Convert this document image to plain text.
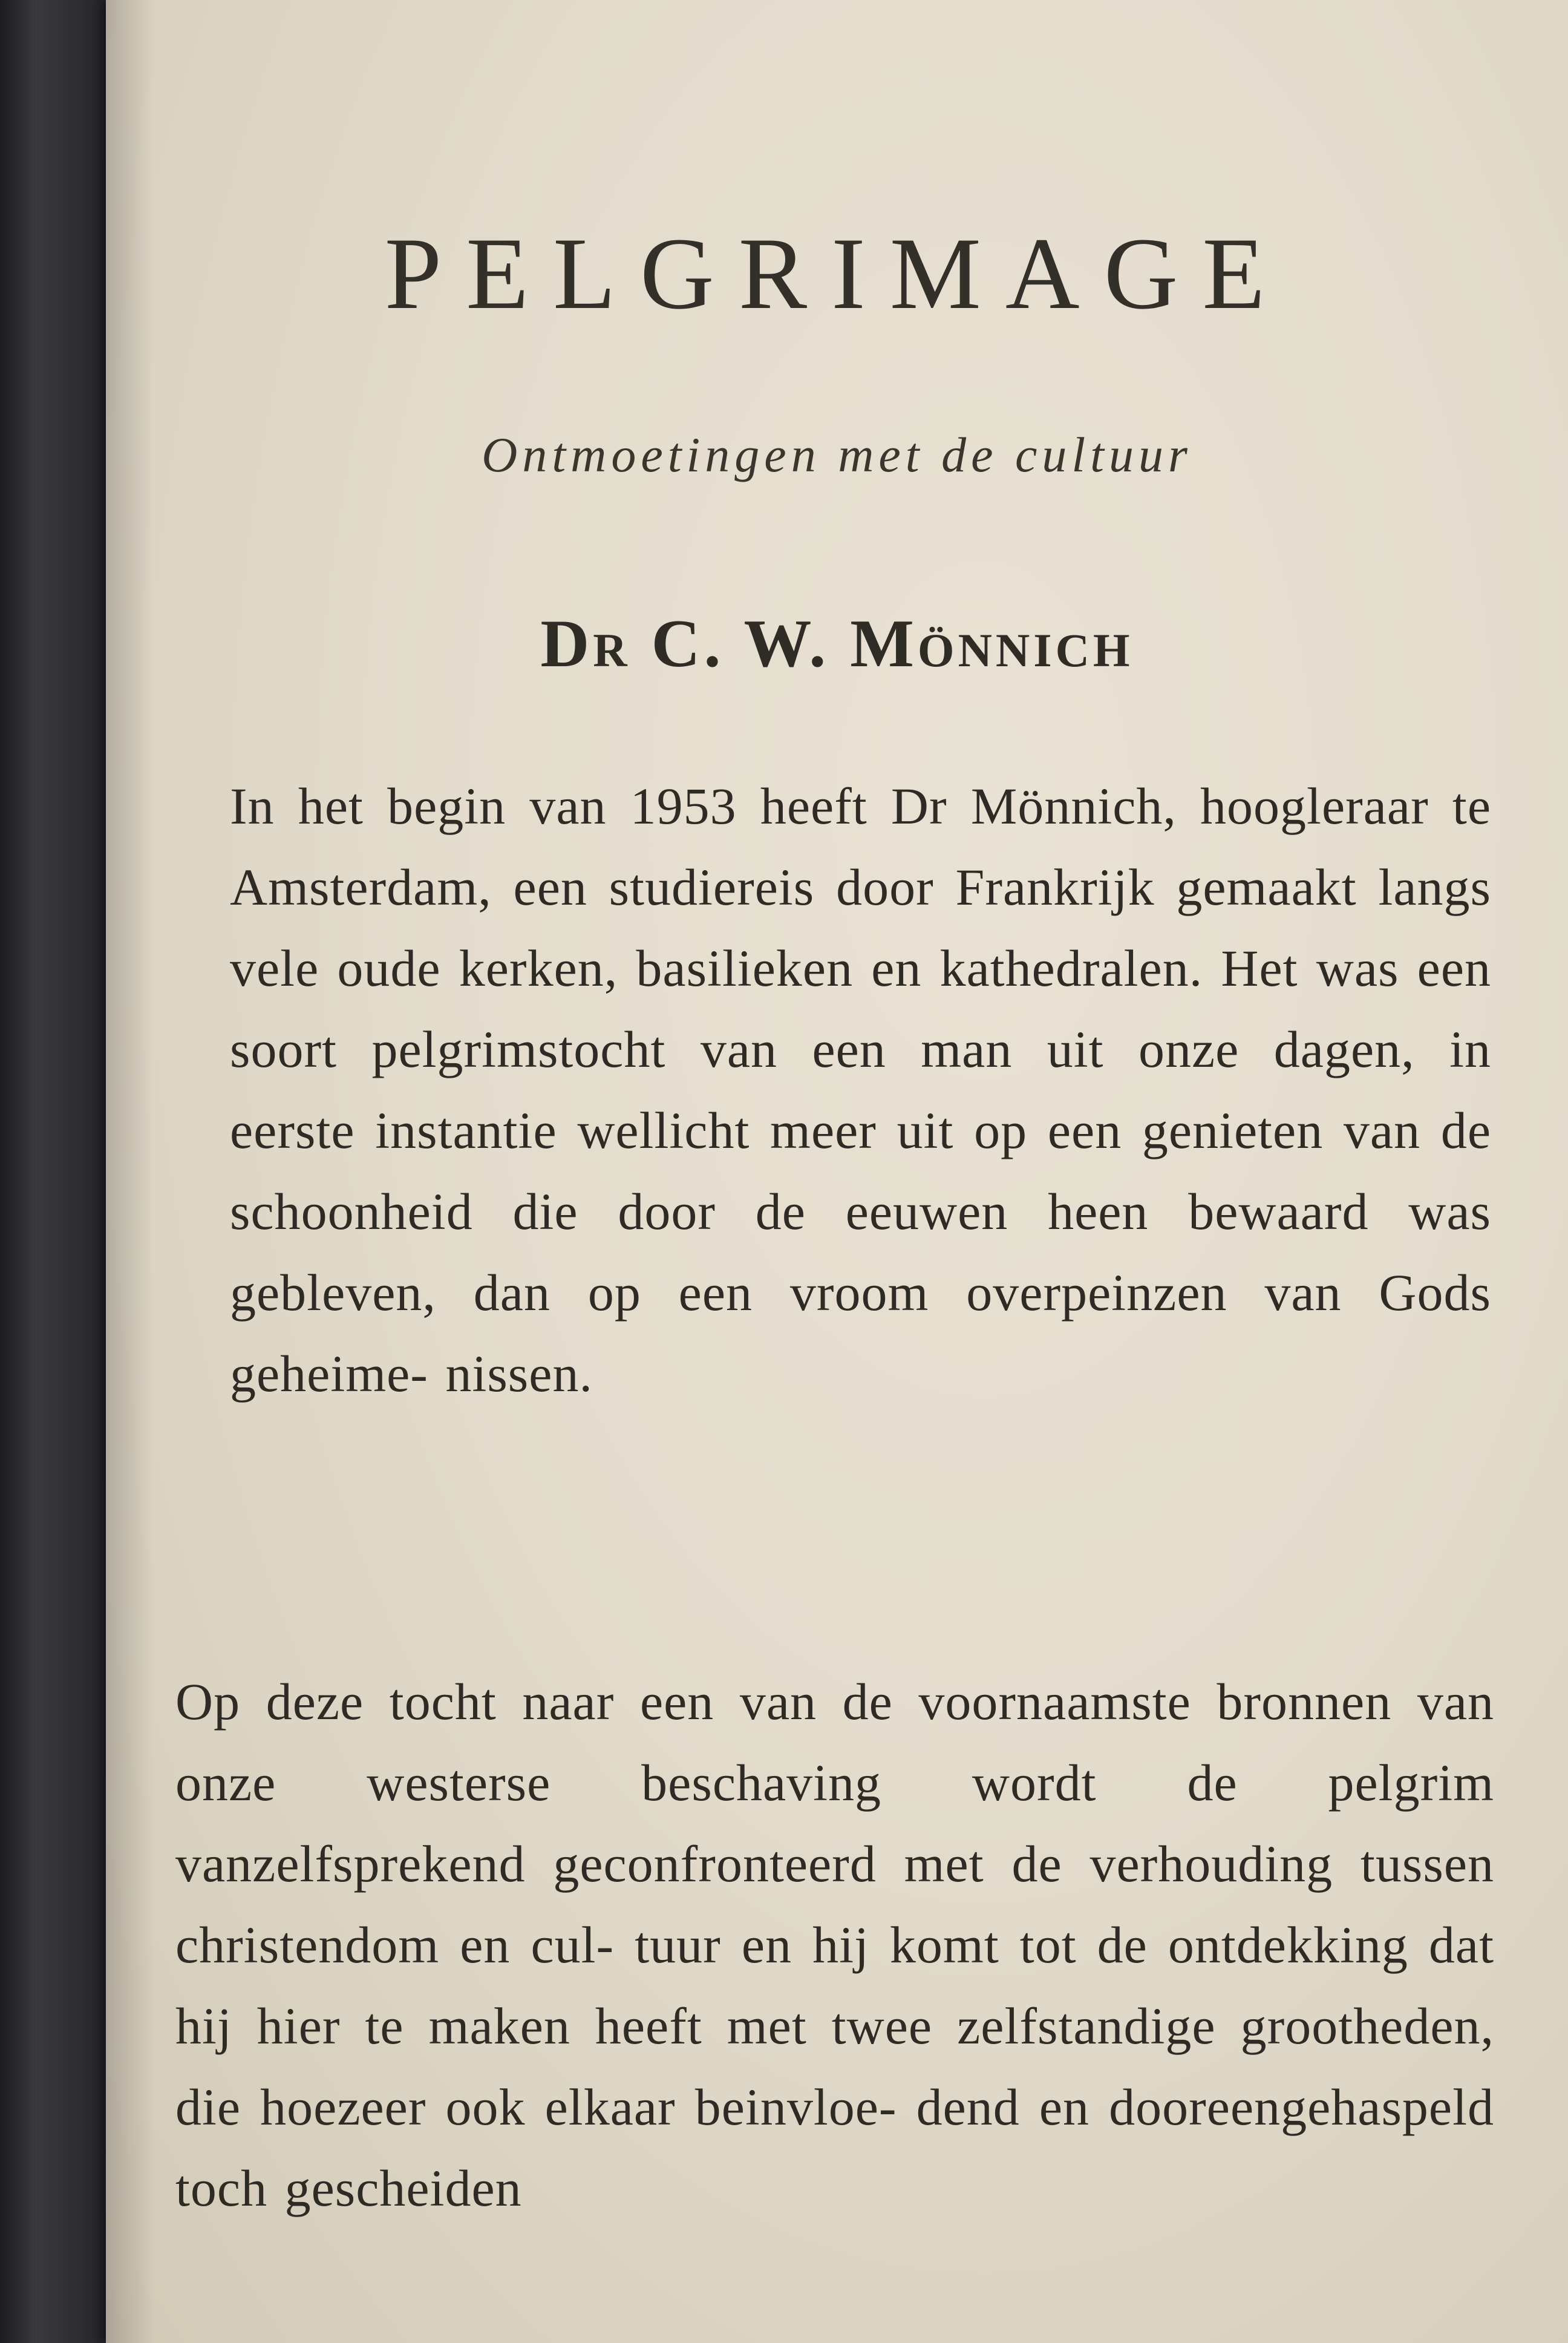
PELGRIMAGE

Ontmoetingen met de cultuur

Dr C. W. Mönnich

In het begin van 1953 heeft Dr Mönnich, hoogleraar te Amsterdam, een studiereis door Frankrijk gemaakt langs vele oude kerken, basilieken en kathedralen. Het was een soort pelgrimstocht van een man uit onze dagen, in eerste instantie wellicht meer uit op een genieten van de schoonheid die door de eeuwen heen bewaard was gebleven, dan op een vroom overpeinzen van Gods geheime- nissen.

Op deze tocht naar een van de voornaamste bronnen van onze westerse beschaving wordt de pelgrim vanzelfsprekend geconfronteerd met de verhouding tussen christendom en cul- tuur en hij komt tot de ontdekking dat hij hier te maken heeft met twee zelfstandige grootheden, die hoezeer ook elkaar beinvloe- dend en dooreengehaspeld toch gescheiden
